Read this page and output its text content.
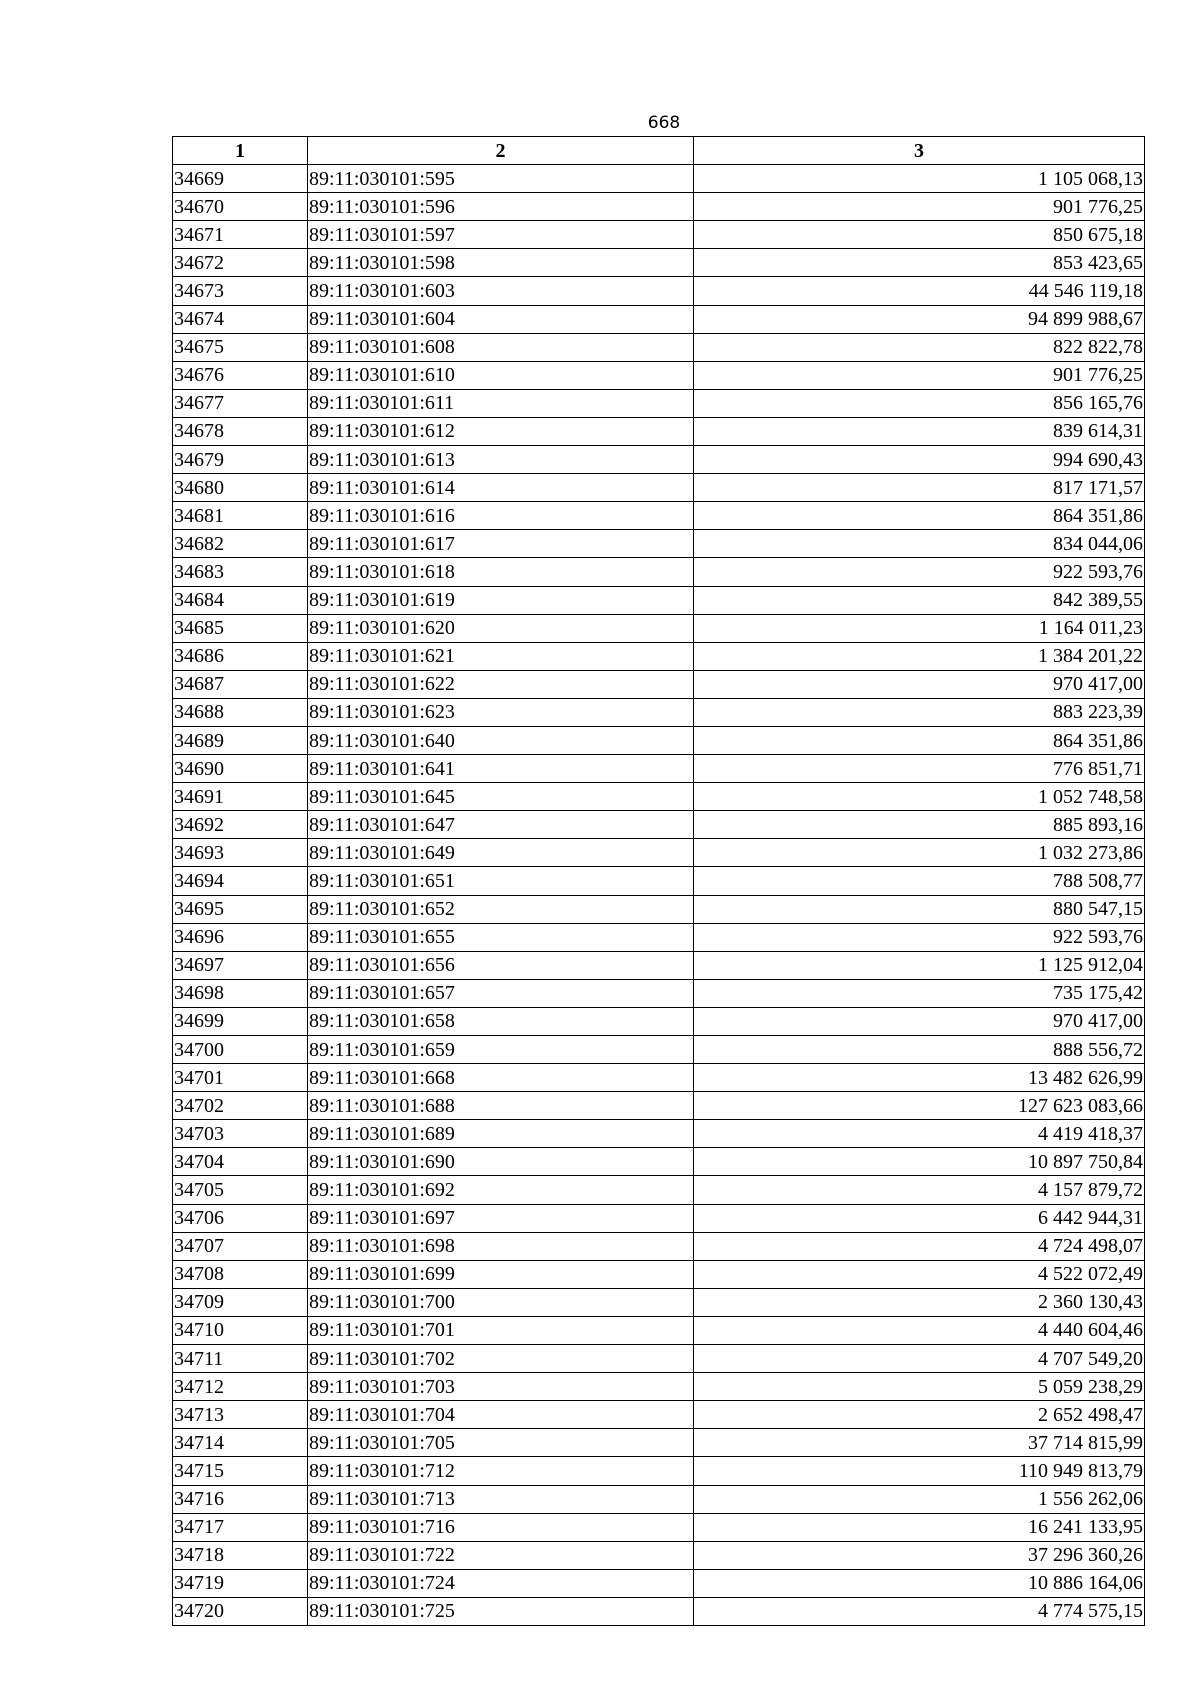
668
1	2	3
34669	89:11:030101:595	1 105 068,13
34670	89:11:030101:596	901 776,25
34671	89:11:030101:597	850 675,18
34672	89:11:030101:598	853 423,65
34673	89:11:030101:603	44 546 119,18
34674	89:11:030101:604	94 899 988,67
34675	89:11:030101:608	822 822,78
34676	89:11:030101:610	901 776,25
34677	89:11:030101:611	856 165,76
34678	89:11:030101:612	839 614,31
34679	89:11:030101:613	994 690,43
34680	89:11:030101:614	817 171,57
34681	89:11:030101:616	864 351,86
34682	89:11:030101:617	834 044,06
34683	89:11:030101:618	922 593,76
34684	89:11:030101:619	842 389,55
34685	89:11:030101:620	1 164 011,23
34686	89:11:030101:621	1 384 201,22
34687	89:11:030101:622	970 417,00
34688	89:11:030101:623	883 223,39
34689	89:11:030101:640	864 351,86
34690	89:11:030101:641	776 851,71
34691	89:11:030101:645	1 052 748,58
34692	89:11:030101:647	885 893,16
34693	89:11:030101:649	1 032 273,86
34694	89:11:030101:651	788 508,77
34695	89:11:030101:652	880 547,15
34696	89:11:030101:655	922 593,76
34697	89:11:030101:656	1 125 912,04
34698	89:11:030101:657	735 175,42
34699	89:11:030101:658	970 417,00
34700	89:11:030101:659	888 556,72
34701	89:11:030101:668	13 482 626,99
34702	89:11:030101:688	127 623 083,66
34703	89:11:030101:689	4 419 418,37
34704	89:11:030101:690	10 897 750,84
34705	89:11:030101:692	4 157 879,72
34706	89:11:030101:697	6 442 944,31
34707	89:11:030101:698	4 724 498,07
34708	89:11:030101:699	4 522 072,49
34709	89:11:030101:700	2 360 130,43
34710	89:11:030101:701	4 440 604,46
34711	89:11:030101:702	4 707 549,20
34712	89:11:030101:703	5 059 238,29
34713	89:11:030101:704	2 652 498,47
34714	89:11:030101:705	37 714 815,99
34715	89:11:030101:712	110 949 813,79
34716	89:11:030101:713	1 556 262,06
34717	89:11:030101:716	16 241 133,95
34718	89:11:030101:722	37 296 360,26
34719	89:11:030101:724	10 886 164,06
34720	89:11:030101:725	4 774 575,15
